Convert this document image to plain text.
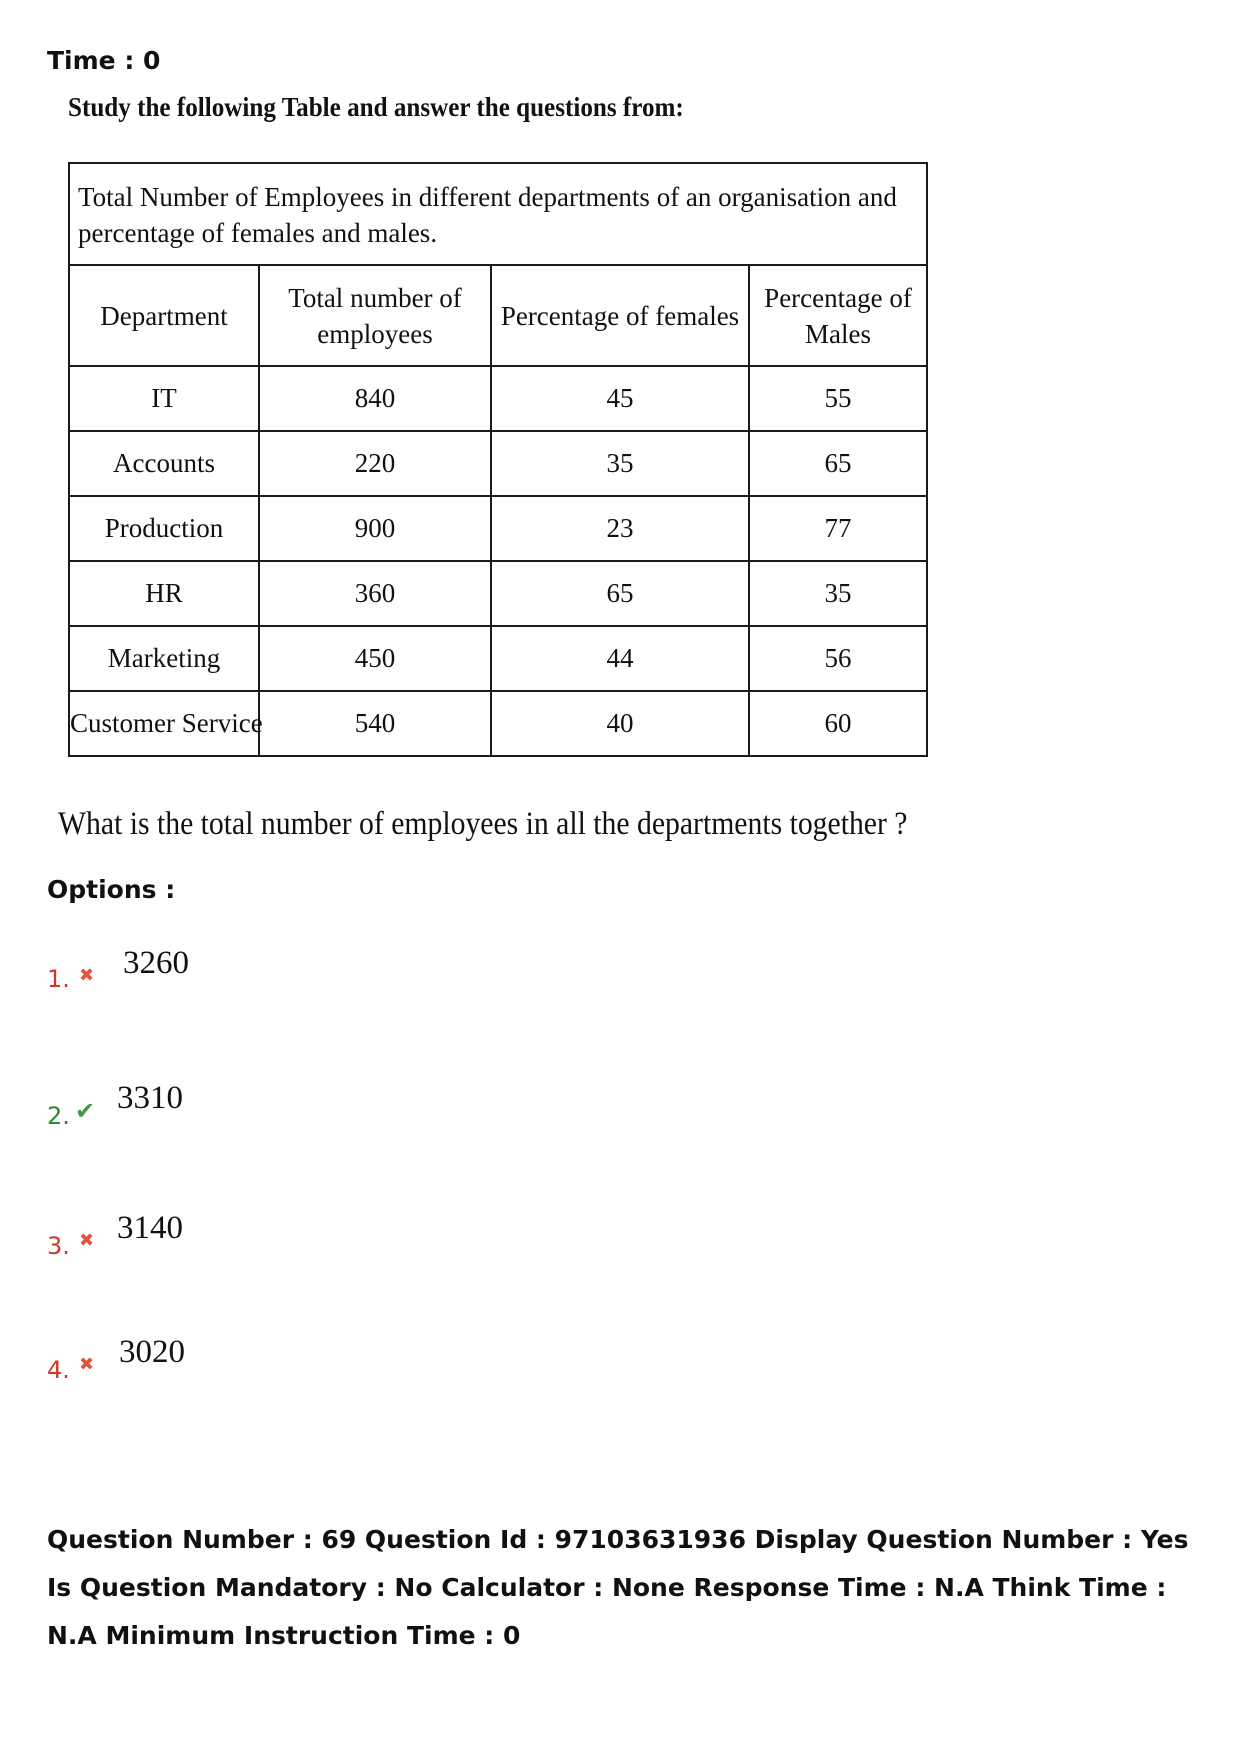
Time : 0
Study the following Table and answer the questions from:
Total Number of Employees in different departments of an organisation and percentage of females and males.			
Department	Total number of employees	Percentage of females	Percentage of Males
IT	840	45	55
Accounts	220	35	65
Production	900	23	77
HR	360	65	35
Marketing	450	44	56
Customer Service	540	40	60
What is the total number of employees in all the departments together ?
Options :
1. ✖ 3260
2. ✔ 3310
3. ✖ 3140
4. ✖ 3020
Question Number : 69 Question Id : 97103631936 Display Question Number : Yes Is Question Mandatory : No Calculator : None Response Time : N.A Think Time : N.A Minimum Instruction Time : 0
